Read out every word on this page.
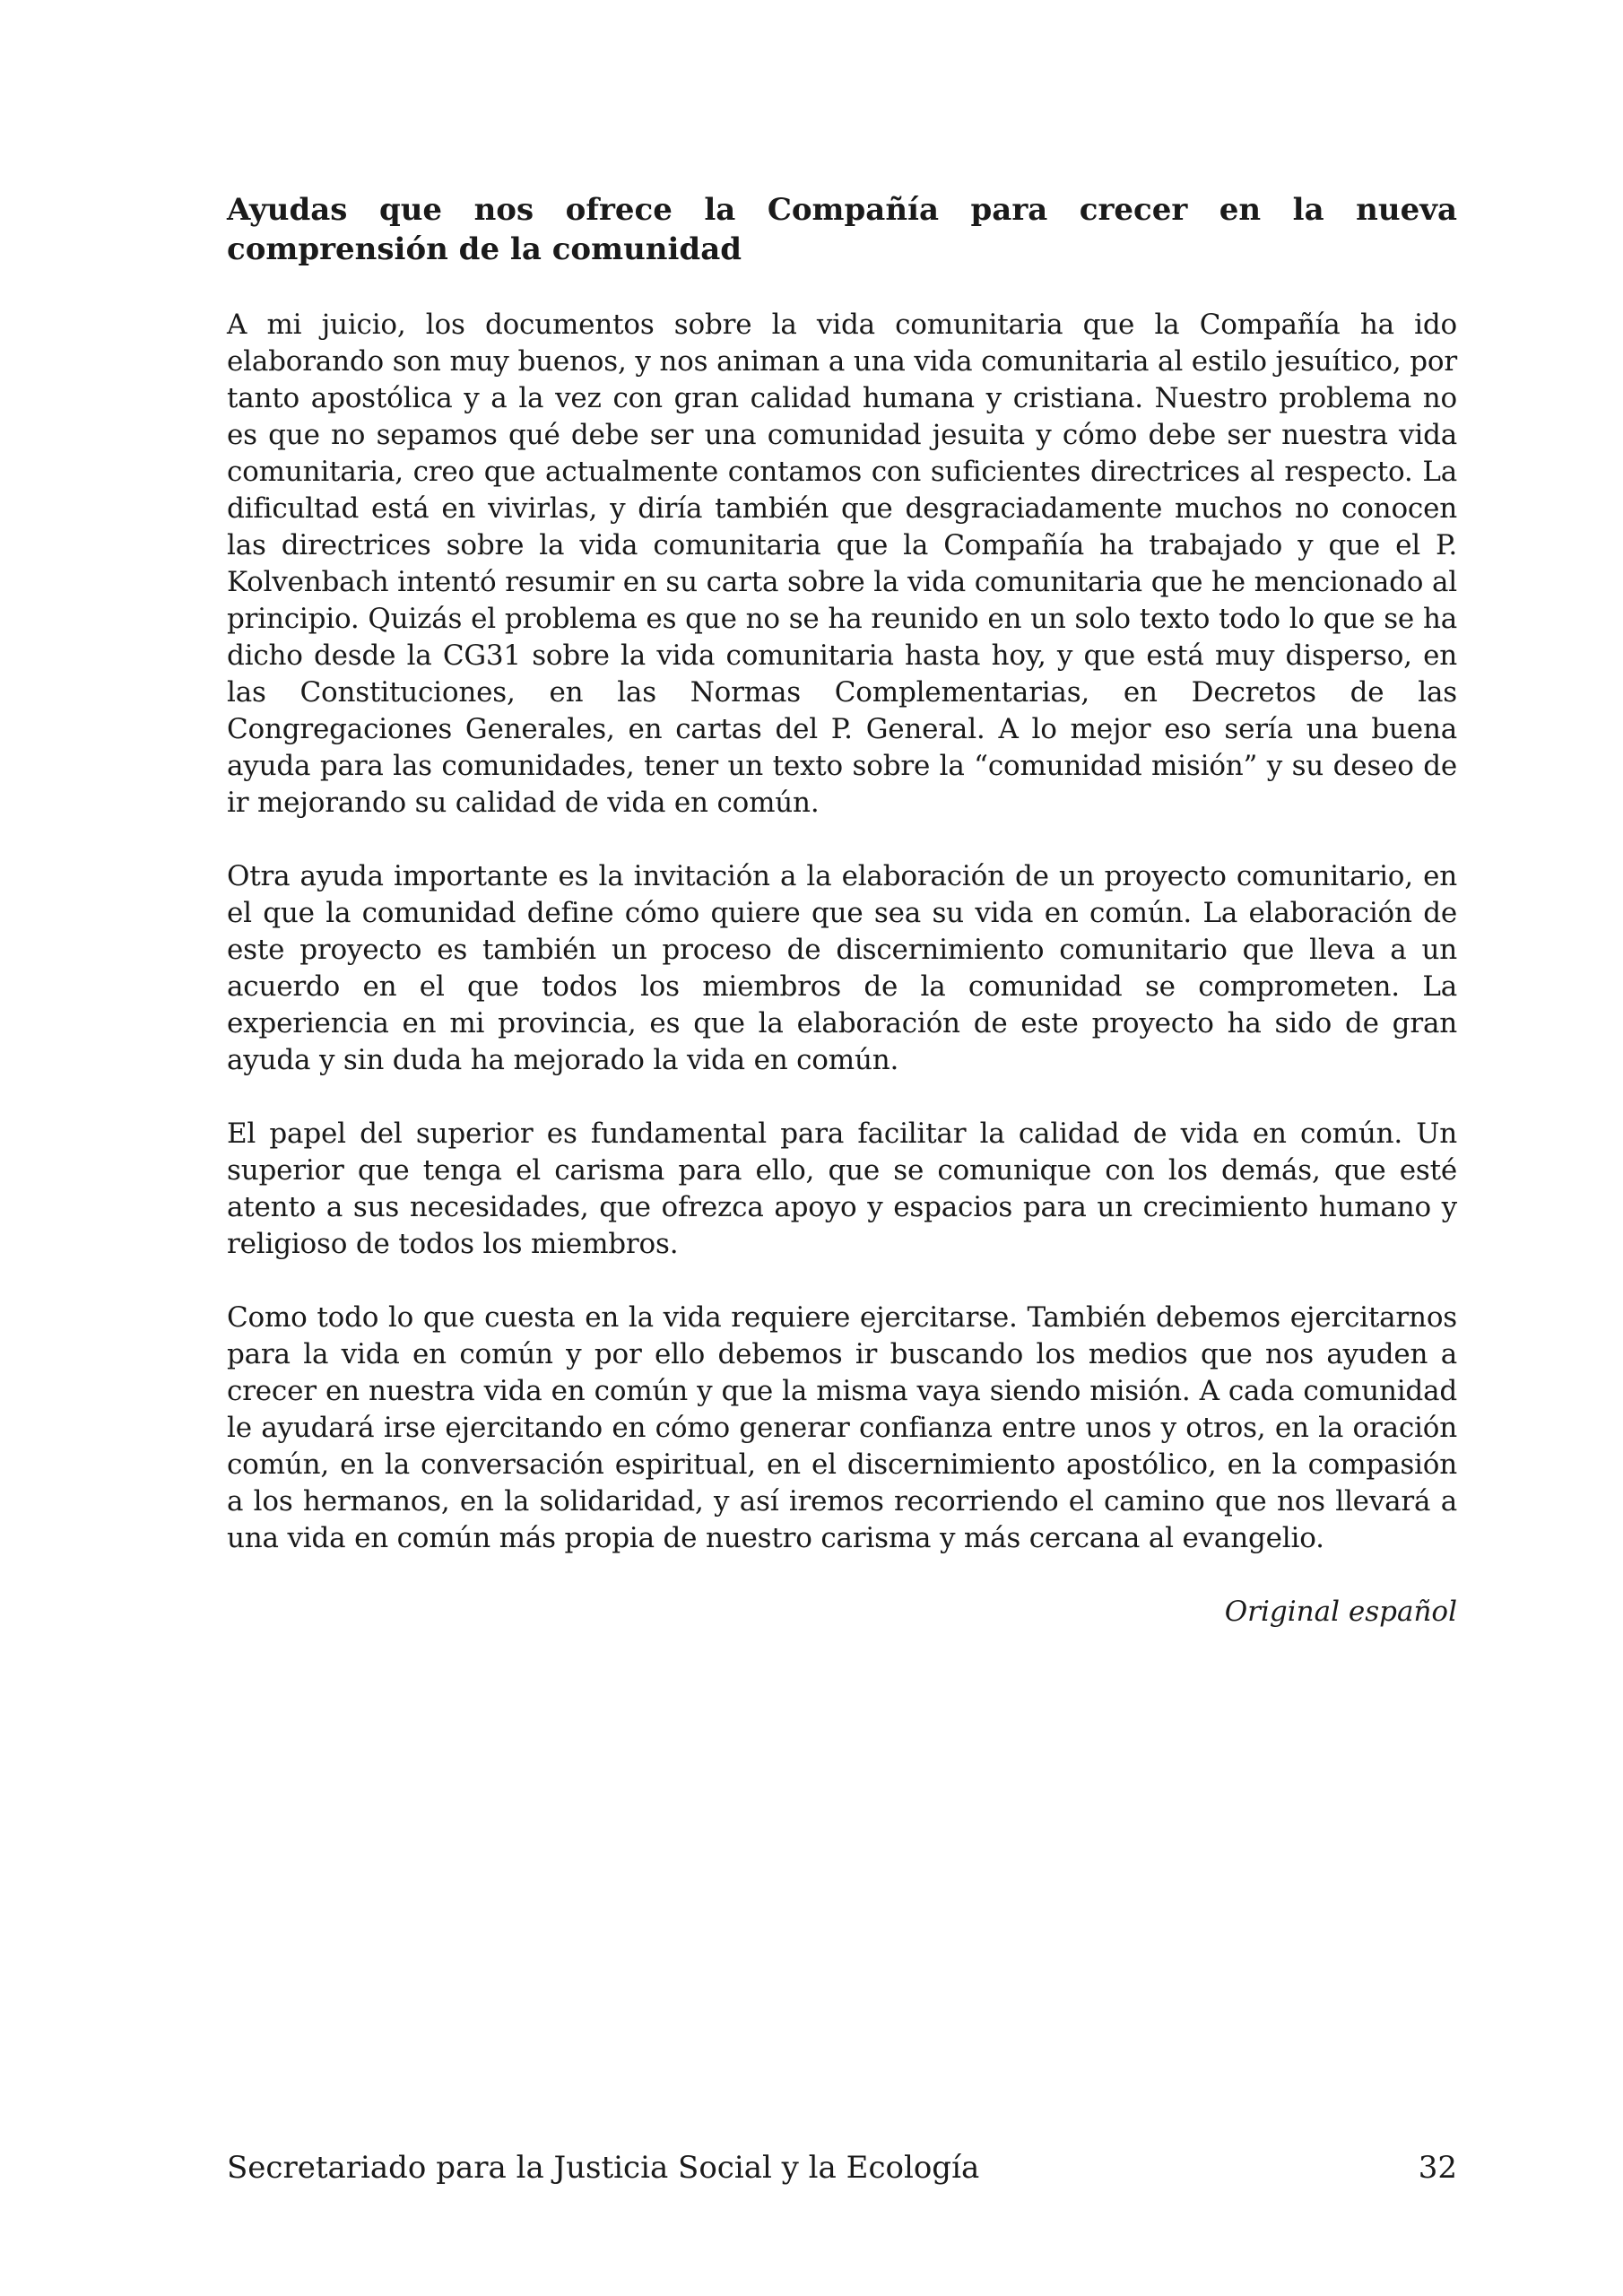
Ayudas que nos ofrece la Compañía para crecer en la nueva comprensión de la comunidad

A mi juicio, los documentos sobre la vida comunitaria que la Compañía ha ido elaborando son muy buenos, y nos animan a una vida comunitaria al estilo jesuítico, por tanto apostólica y a la vez con gran calidad humana y cristiana. Nuestro problema no es que no sepamos qué debe ser una comunidad jesuita y cómo debe ser nuestra vida comunitaria, creo que actualmente contamos con suficientes directrices al respecto. La dificultad está en vivirlas, y diría también que desgraciadamente muchos no conocen las directrices sobre la vida comunitaria que la Compañía ha trabajado y que el P. Kolvenbach intentó resumir en su carta sobre la vida comunitaria que he mencionado al principio. Quizás el problema es que no se ha reunido en un solo texto todo lo que se ha dicho desde la CG31 sobre la vida comunitaria hasta hoy, y que está muy disperso, en las Constituciones, en las Normas Complementarias, en Decretos de las Congregaciones Generales, en cartas del P. General. A lo mejor eso sería una buena ayuda para las comunidades, tener un texto sobre la “comunidad misión” y su deseo de ir mejorando su calidad de vida en común.

Otra ayuda importante es la invitación a la elaboración de un proyecto comunitario, en el que la comunidad define cómo quiere que sea su vida en común. La elaboración de este proyecto es también un proceso de discernimiento comunitario que lleva a un acuerdo en el que todos los miembros de la comunidad se comprometen. La experiencia en mi provincia, es que la elaboración de este proyecto ha sido de gran ayuda y sin duda ha mejorado la vida en común.

El papel del superior es fundamental para facilitar la calidad de vida en común. Un superior que tenga el carisma para ello, que se comunique con los demás, que esté atento a sus necesidades, que ofrezca apoyo y espacios para un crecimiento humano y religioso de todos los miembros.

Como todo lo que cuesta en la vida requiere ejercitarse. También debemos ejercitarnos para la vida en común y por ello debemos ir buscando los medios que nos ayuden a crecer en nuestra vida en común y que la misma vaya siendo misión. A cada comunidad le ayudará irse ejercitando en cómo generar confianza entre unos y otros, en la oración común, en la conversación espiritual, en el discernimiento apostólico, en la compasión a los hermanos, en la solidaridad, y así iremos recorriendo el camino que nos llevará a una vida en común más propia de nuestro carisma y más cercana al evangelio.

Original español
Secretariado para la Justicia Social y la Ecología	32
